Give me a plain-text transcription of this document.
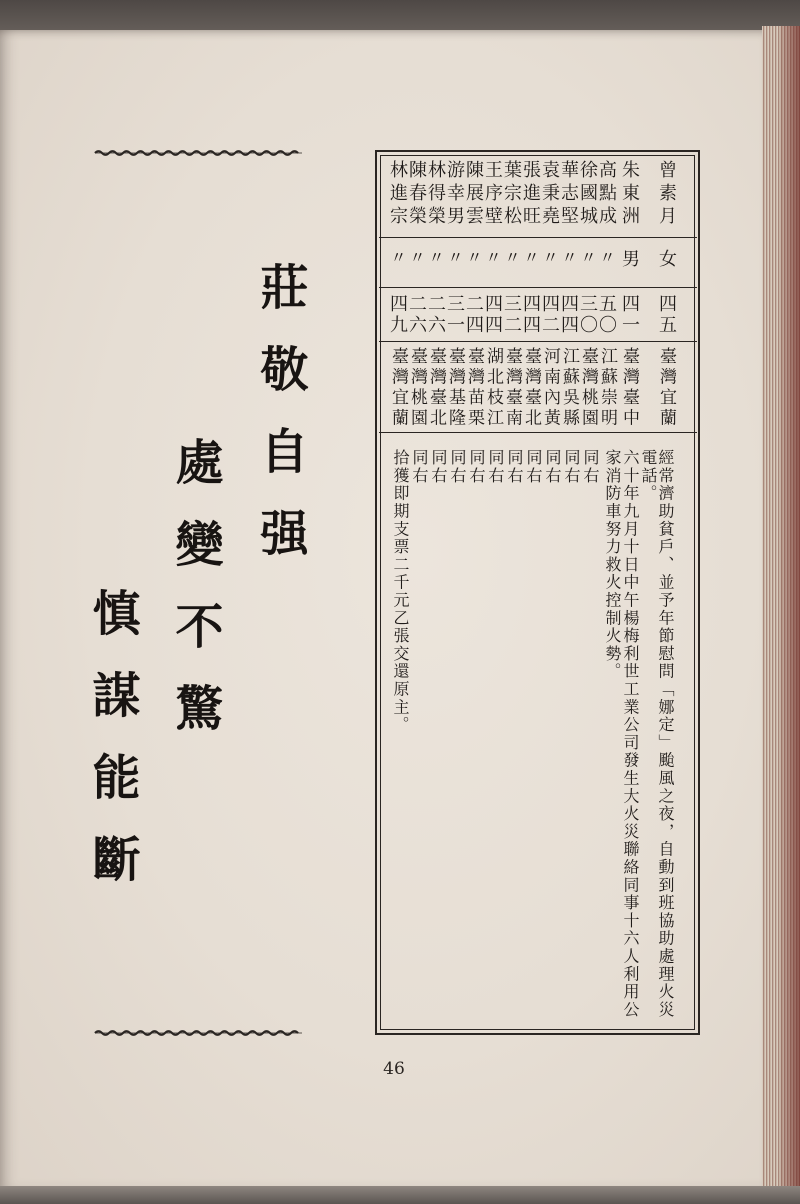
莊敬自强
處變不驚
慎謀能斷
曾素月
朱東洲
高點成
徐國城
華志堅
袁秉堯
張進旺
葉宗松
王序壁
陳展雲
游幸男
林得榮
陳春榮
林進宗
女
男
〃
〃
〃
〃
〃
〃
〃
〃
〃
〃
〃
〃
四五
四一
五〇
三〇
四四
四二
四四
三二
四四
二四
三一
二六
二六
四九
臺灣宜蘭
臺灣臺中
江蘇崇明
臺灣桃園
江蘇吳縣
河南內黃
臺灣臺北
臺灣臺南
湖北枝江
臺灣苗栗
臺灣基隆
臺灣臺北
臺灣桃園
臺灣宜蘭
經常濟助貧戶、並予年節慰問「娜定」颱風之夜，自動到班協助處理火災
電話。
六十年九月十日中午楊梅利世工業公司發生大火災聯絡同事十六人利用公
家消防車努力救火控制火勢。
同右
同右
同右
同右
同右
同右
同右
同右
同右
同右
拾獲即期支票二千元乙張交還原主。
46
